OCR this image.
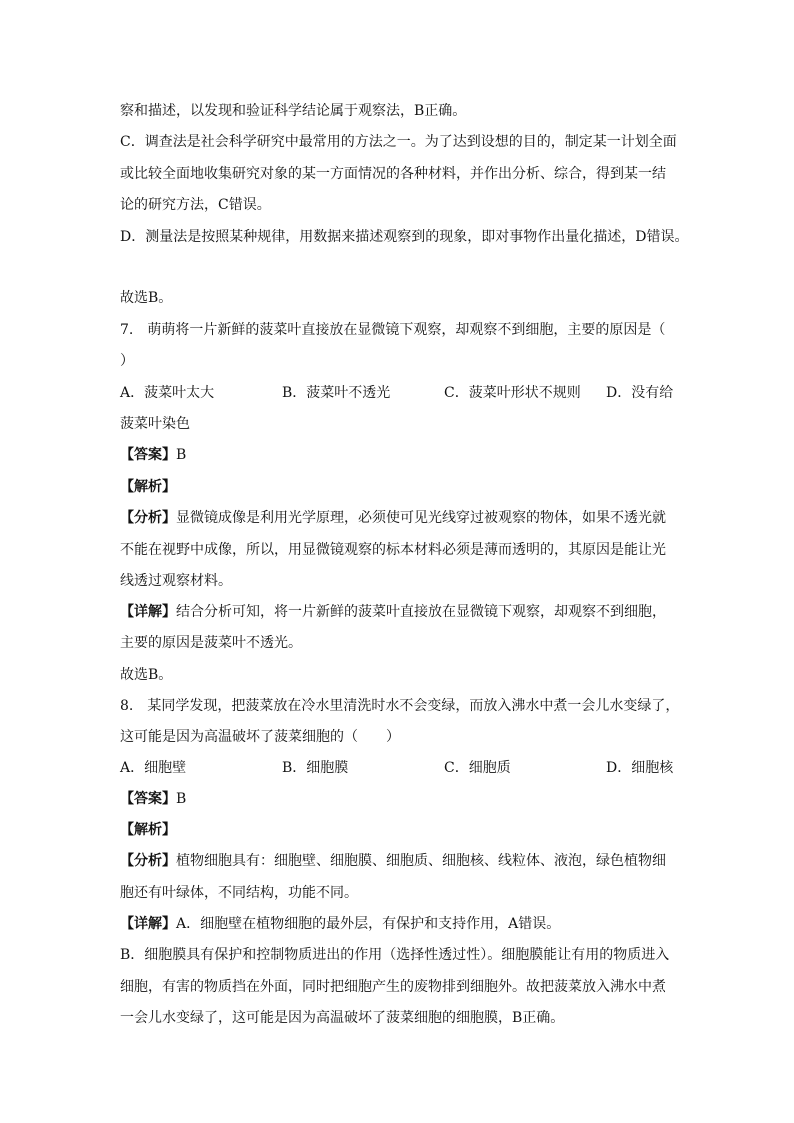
察和描述，以发现和验证科学结论属于观察法，B正确。
C．调查法是社会科学研究中最常用的方法之一。为了达到设想的目的，制定某一计划全面
或比较全面地收集研究对象的某一方面情况的各种材料，并作出分析、综合，得到某一结
论的研究方法，C错误。
D．测量法是按照某种规律，用数据来描述观察到的现象，即对事物作出量化描述，D错误。
故选B。
7.　萌萌将一片新鲜的菠菜叶直接放在显微镜下观察，却观察不到细胞，主要的原因是（
）
A．菠菜叶太大	B．菠菜叶不透光	C．菠菜叶形状不规则 D．没有给
菠菜叶染色
【答案】B
【解析】
【分析】显微镜成像是利用光学原理，必须使可见光线穿过被观察的物体，如果不透光就
不能在视野中成像，所以，用显微镜观察的标本材料必须是薄而透明的，其原因是能让光
线透过观察材料。
【详解】结合分析可知，将一片新鲜的菠菜叶直接放在显微镜下观察，却观察不到细胞，
主要的原因是菠菜叶不透光。
故选B。
8.　某同学发现，把菠菜放在冷水里清洗时水不会变绿，而放入沸水中煮一会儿水变绿了，
这可能是因为高温破坏了菠菜细胞的（　　）
A．细胞壁	B．细胞膜	C．细胞质	D．细胞核
【答案】B
【解析】
【分析】植物细胞具有：细胞壁、细胞膜、细胞质、细胞核、线粒体、液泡，绿色植物细
胞还有叶绿体，不同结构，功能不同。
【详解】A．细胞壁在植物细胞的最外层，有保护和支持作用，A错误。
B．细胞膜具有保护和控制物质进出的作用（选择性透过性）。细胞膜能让有用的物质进入
细胞，有害的物质挡在外面，同时把细胞产生的废物排到细胞外。故把菠菜放入沸水中煮
一会儿水变绿了，这可能是因为高温破坏了菠菜细胞的细胞膜，B正确。
